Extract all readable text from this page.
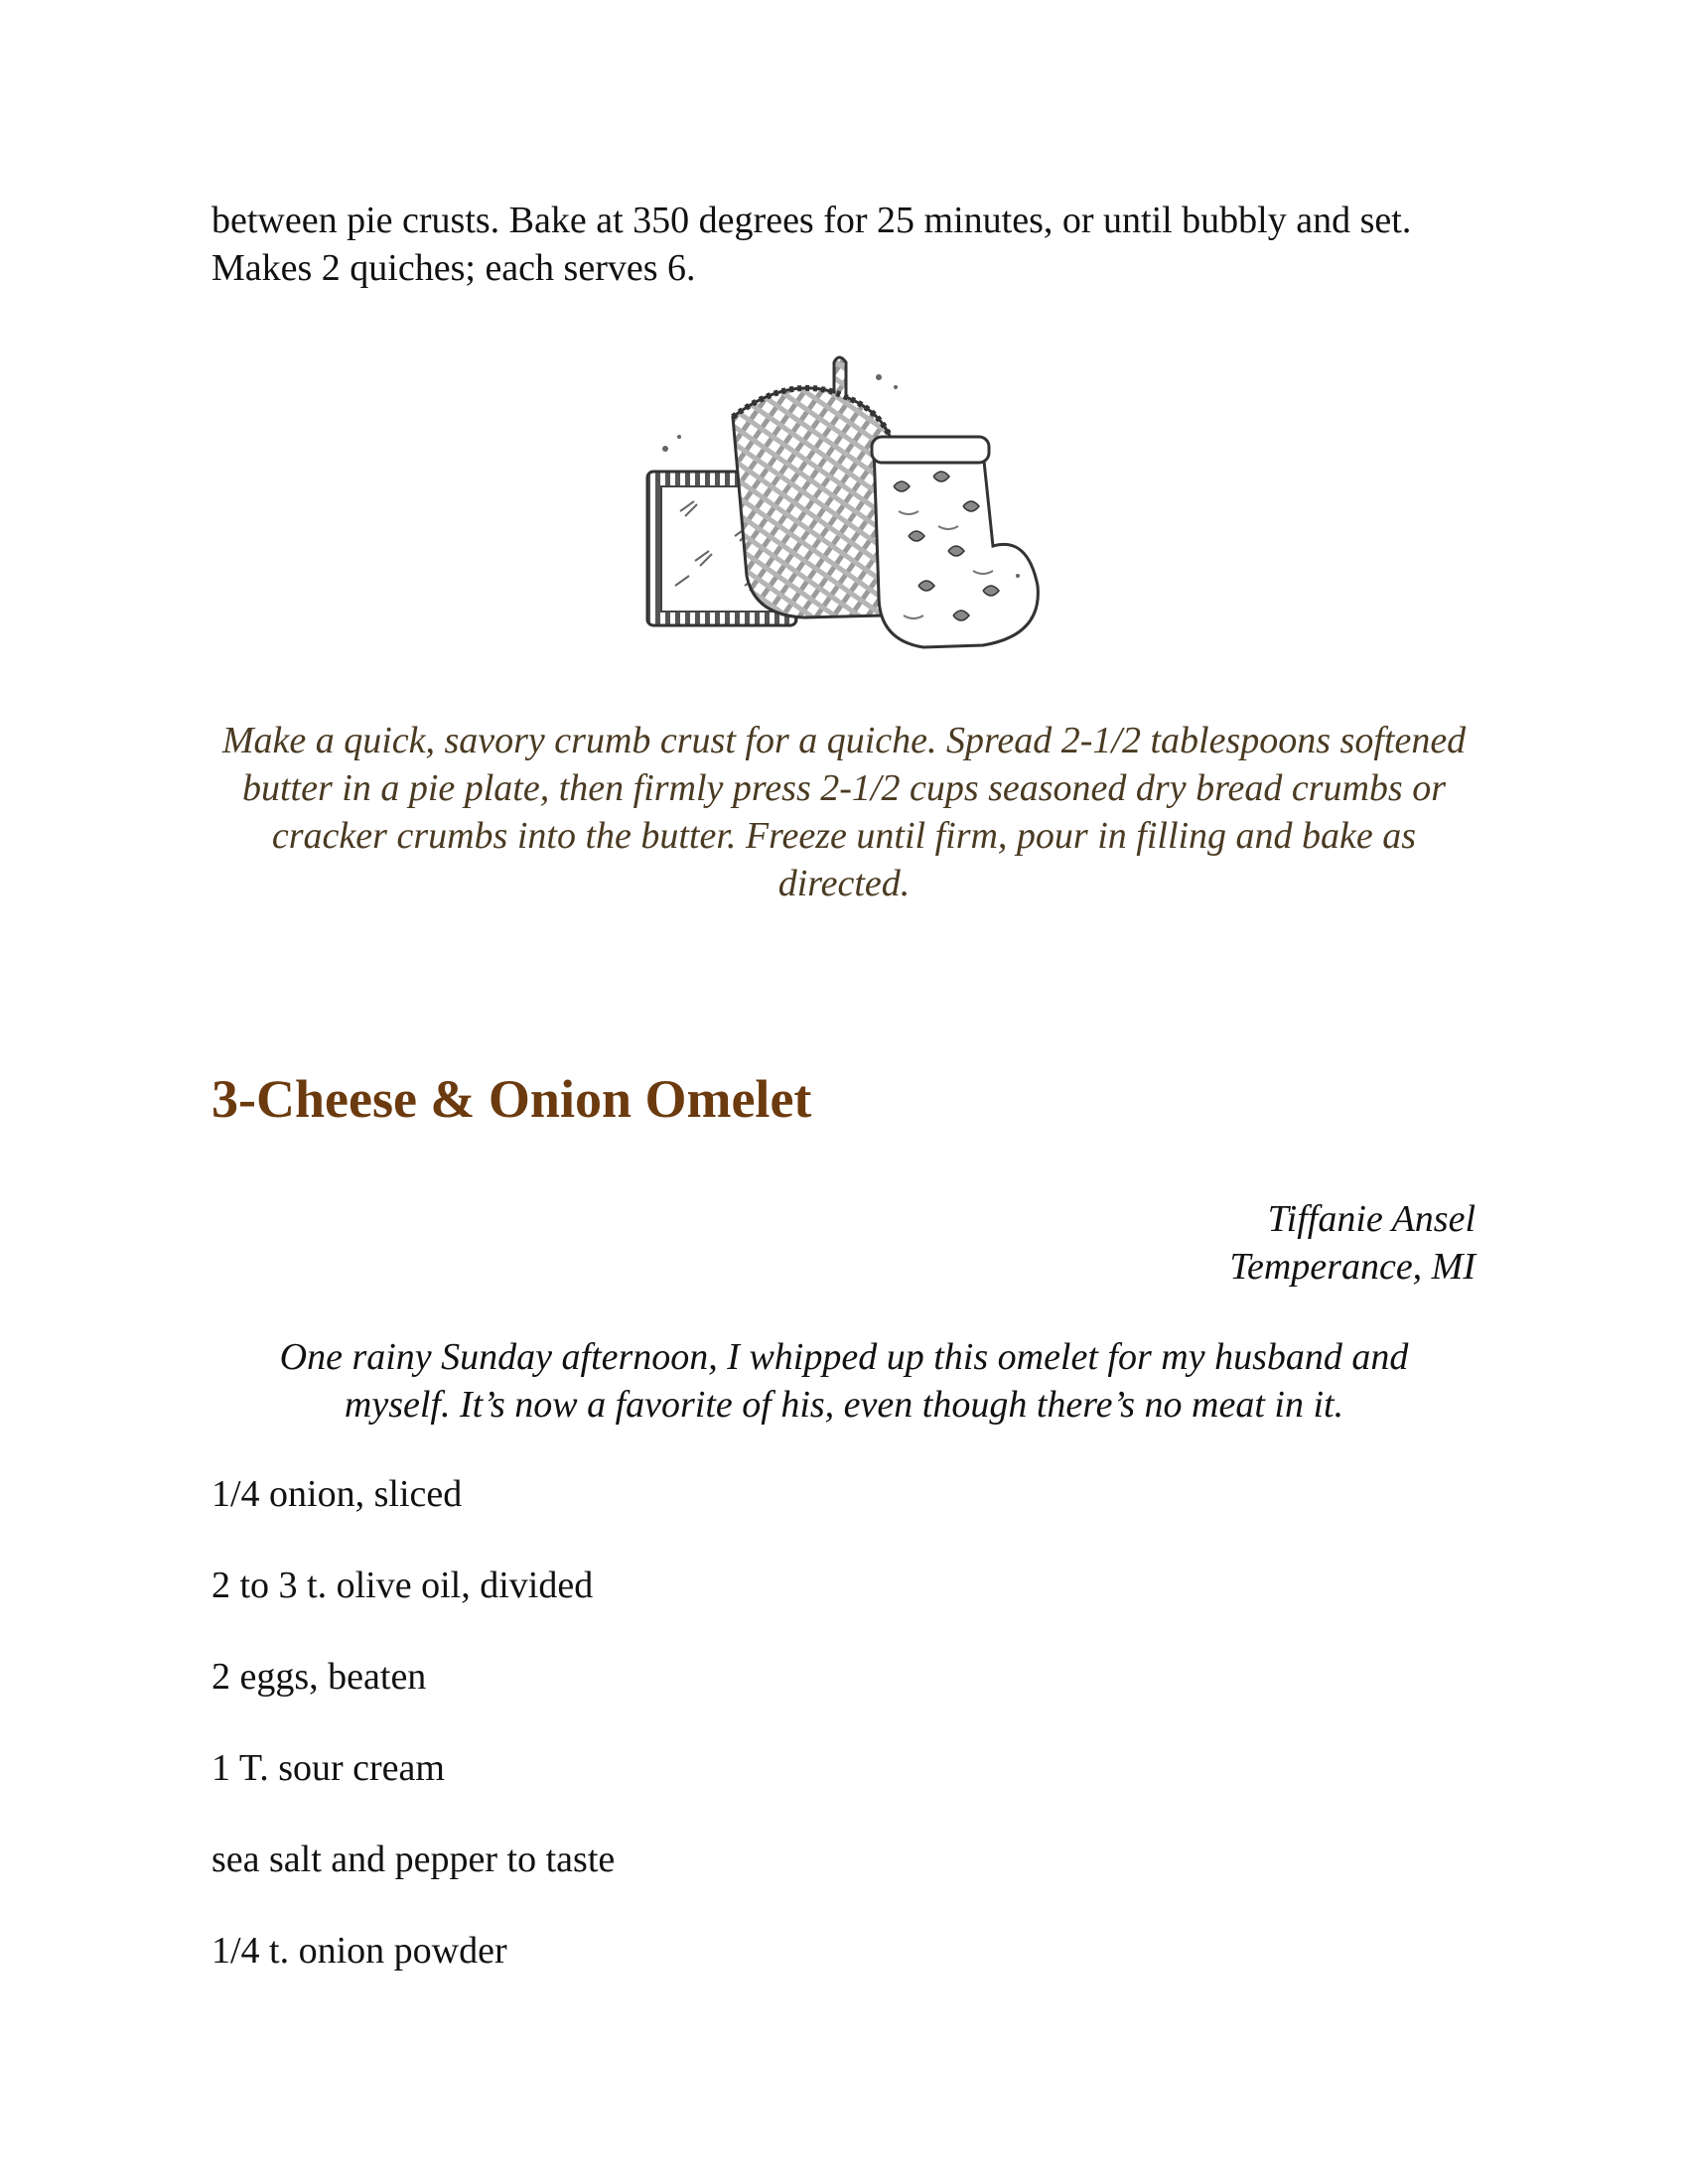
between pie crusts. Bake at 350 degrees for 25 minutes, or until bubbly and set. Makes 2 quiches; each serves 6.

Make a quick, savory crumb crust for a quiche. Spread 2-1/2 tablespoons softened butter in a pie plate, then firmly press 2-1/2 cups seasoned dry bread crumbs or cracker crumbs into the butter. Freeze until firm, pour in filling and bake as directed.

3-Cheese & Onion Omelet
Tiffanie Ansel
Temperance, MI

One rainy Sunday afternoon, I whipped up this omelet for my husband and myself. It’s now a favorite of his, even though there’s no meat in it.

1/4 onion, sliced
2 to 3 t. olive oil, divided
2 eggs, beaten
1 T. sour cream
sea salt and pepper to taste
1/4 t. onion powder
